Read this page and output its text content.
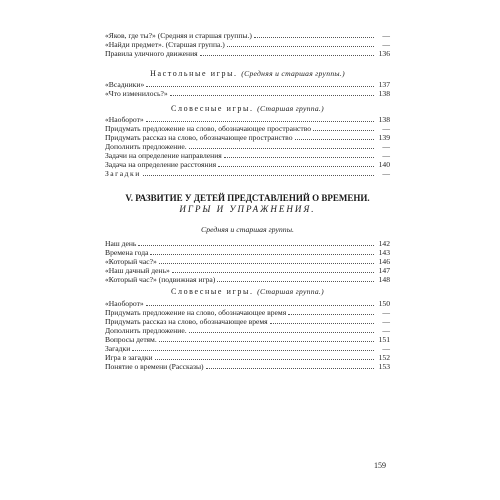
«Яков, где ты?» (Средняя и старшая группы.)	—
«Найди предмет». (Старшая группа.)	—
Правила уличного движения	136
Настольные игры. (Средняя и старшая группы.)
«Всадники»	137
«Что изменилось?»	138
Словесные игры. (Старшая группа.)
«Наоборот»	138
Придумать предложение на слово, обозначающее пространство	—
Придумать рассказ на слово, обозначающее пространство	139
Дополнить предложение.	—
Задачи на определение направления	—
Задача на определение расстояния	140
Загадки	—
V. РАЗВИТИЕ У ДЕТЕЙ ПРЕДСТАВЛЕНИЙ О ВРЕМЕНИ.
ИГРЫ И УПРАЖНЕНИЯ.
Средняя и старшая группы.
Наш день	142
Времена года	143
«Который час?»	146
«Наш дачный день»	147
«Который час?» (подвижная игра)	148
Словесные игры. (Старшая группа.)
«Наоборот»	150
Придумать предложение на слово, обозначающее время	—
Придумать рассказ на слово, обозначающее время	—
Дополнить предложение.	—
Вопросы детям.	151
Загадки	—
Игра в загадки	152
Понятие о времени (Рассказы)	153
159
